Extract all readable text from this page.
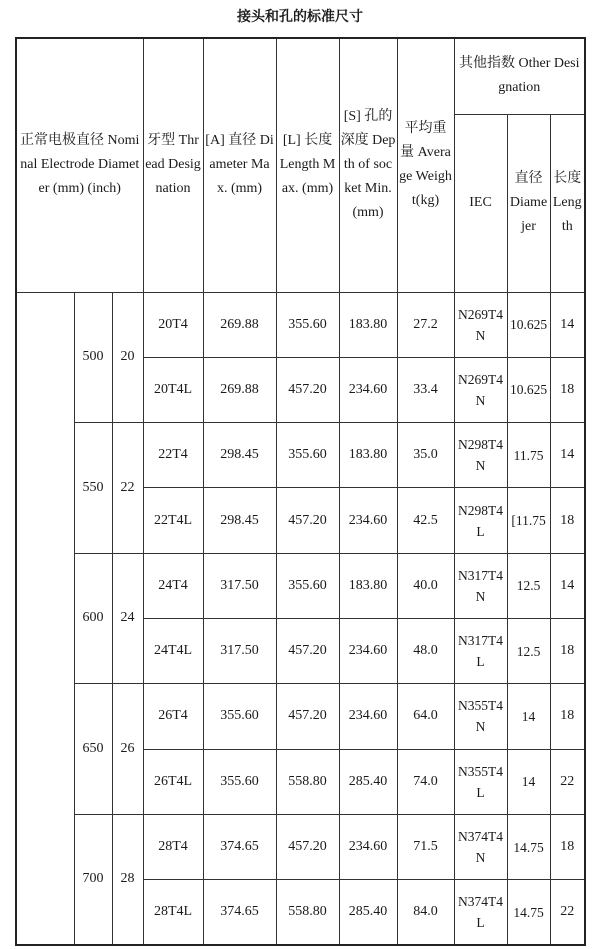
接头和孔的标准尺寸
正常电极直径 Nominal Electrode Diameter (mm) (inch)			牙型 Thread Designation	[A] 直径 Diameter Max. (mm)	[L] 长度 Length Max. (mm)	[S] 孔的深度 Depth of socket Min. (mm)	平均重量 Average Weight(kg)	其他指数 Other Designation		
								IEC	直径 Diamejer	长度 Length
	500	20	20T4	269.88	355.60	183.80	27.2	N269T4N	10.625	14
			20T4L	269.88	457.20	234.60	33.4	N269T4N	10.625	18
	550	22	22T4	298.45	355.60	183.80	35.0	N298T4N	11.75	14
			22T4L	298.45	457.20	234.60	42.5	N298T4L	[11.75	18
	600	24	24T4	317.50	355.60	183.80	40.0	N317T4N	12.5	14
			24T4L	317.50	457.20	234.60	48.0	N317T4L	12.5	18
	650	26	26T4	355.60	457.20	234.60	64.0	N355T4N	14	18
			26T4L	355.60	558.80	285.40	74.0	N355T4L	14	22
	700	28	28T4	374.65	457.20	234.60	71.5	N374T4N	14.75	18
			28T4L	374.65	558.80	285.40	84.0	N374T4L	14.75	22
